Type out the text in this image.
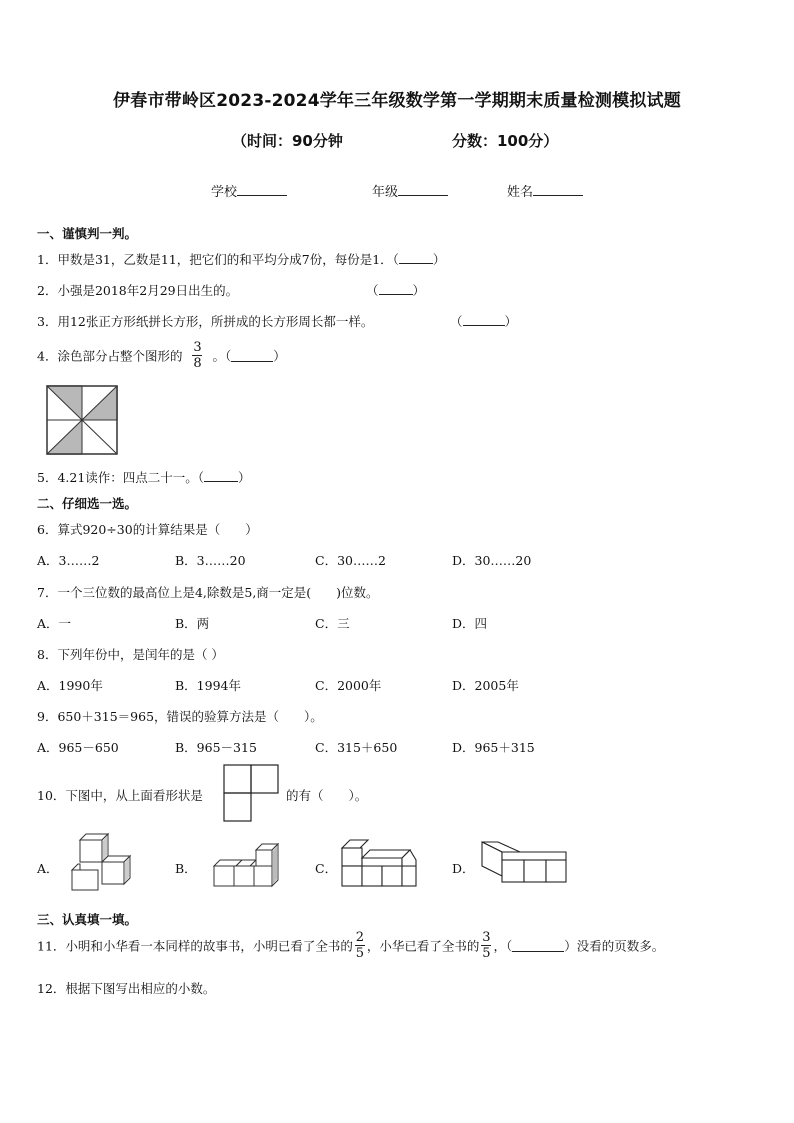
伊春市带岭区2023-2024学年三年级数学第一学期期末质量检测模拟试题
（时间：90分钟	分数：100分）
学校	年级	姓名
一、谨慎判一判。
1．甲数是31，乙数是11，把它们的和平均分成7份，每份是1．（	）
2．小强是2018年2月29日出生的。	（	）
3．用12张正方形纸拼长方形，所拼成的长方形周长都一样。	（	）
4．涂色部分占整个图形的 $\frac{3}{8}$ 。（	）
5．4.21读作：四点二十一。（	）
二、仔细选一选。
6．算式920÷30的计算结果是（　　）
A．3……2	B．3……20	C．30……2	D．30……20
7．一个三位数的最高位上是4,除数是5,商一定是(　　)位数。
A．一	B．两	C．三	D．四
8．下列年份中，是闰年的是（ ）
A．1990年	B．1994年	C．2000年	D．2005年
9．650＋315＝965，错误的验算方法是（　　）。
A．965－650	B．965－315	C．315＋650	D．965＋315
10．下图中，从上面看形状是	的有（　　）。
A．	B．	C．	D．
三、认真填一填。
11．小明和小华看一本同样的故事书，小明已看了全书的 $\frac{2}{5}$ ，小华已看了全书的 $\frac{3}{5}$ ，（	）没看的页数多。
12．根据下图写出相应的小数。
